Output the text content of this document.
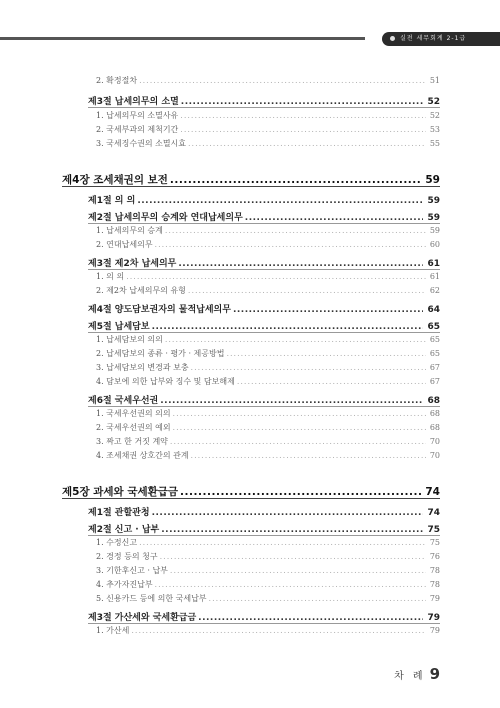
실전 세무회계 2-1급
2. 확정절차 .....	51
제3절 납세의무의 소멸 .....	52
1. 납세의무의 소멸사유 .....	52
2. 국세부과의 제척기간 .....	53
3. 국세징수권의 소멸시효 .....	55
제4장 조세채권의 보전 .....	59
제1절 의 의 .....	59
제2절 납세의무의 승계와 연대납세의무 .....	59
1. 납세의무의 승계 .....	59
2. 연대납세의무 .....	60
제3절 제2차 납세의무 .....	61
1. 의 의 .....	61
2. 제2차 납세의무의 유형 .....	62
제4절 양도담보권자의 물적납세의무 .....	64
제5절 납세담보 .....	65
1. 납세담보의 의의 .....	65
2. 납세담보의 종류 · 평가 · 제공방법 .....	65
3. 납세담보의 변경과 보충 .....	67
4. 담보에 의한 납부와 징수 및 담보해제 .....	67
제6절 국세우선권 .....	68
1. 국세우선권의 의의 .....	68
2. 국세우선권의 예외 .....	68
3. 짜고 한 거짓 계약 .....	70
4. 조세채권 상호간의 관계 .....	70
제5장 과세와 국세환급금 .....	74
제1절 관할관청 .....	74
제2절 신고 · 납부 .....	75
1. 수정신고 .....	75
2. 경정 등의 청구 .....	76
3. 기한후신고 · 납부 .....	78
4. 추가자진납부 .....	78
5. 신용카드 등에 의한 국세납부 .....	79
제3절 가산세와 국세환급금 .....	79
1. 가산세 .....	79
차 례 9
